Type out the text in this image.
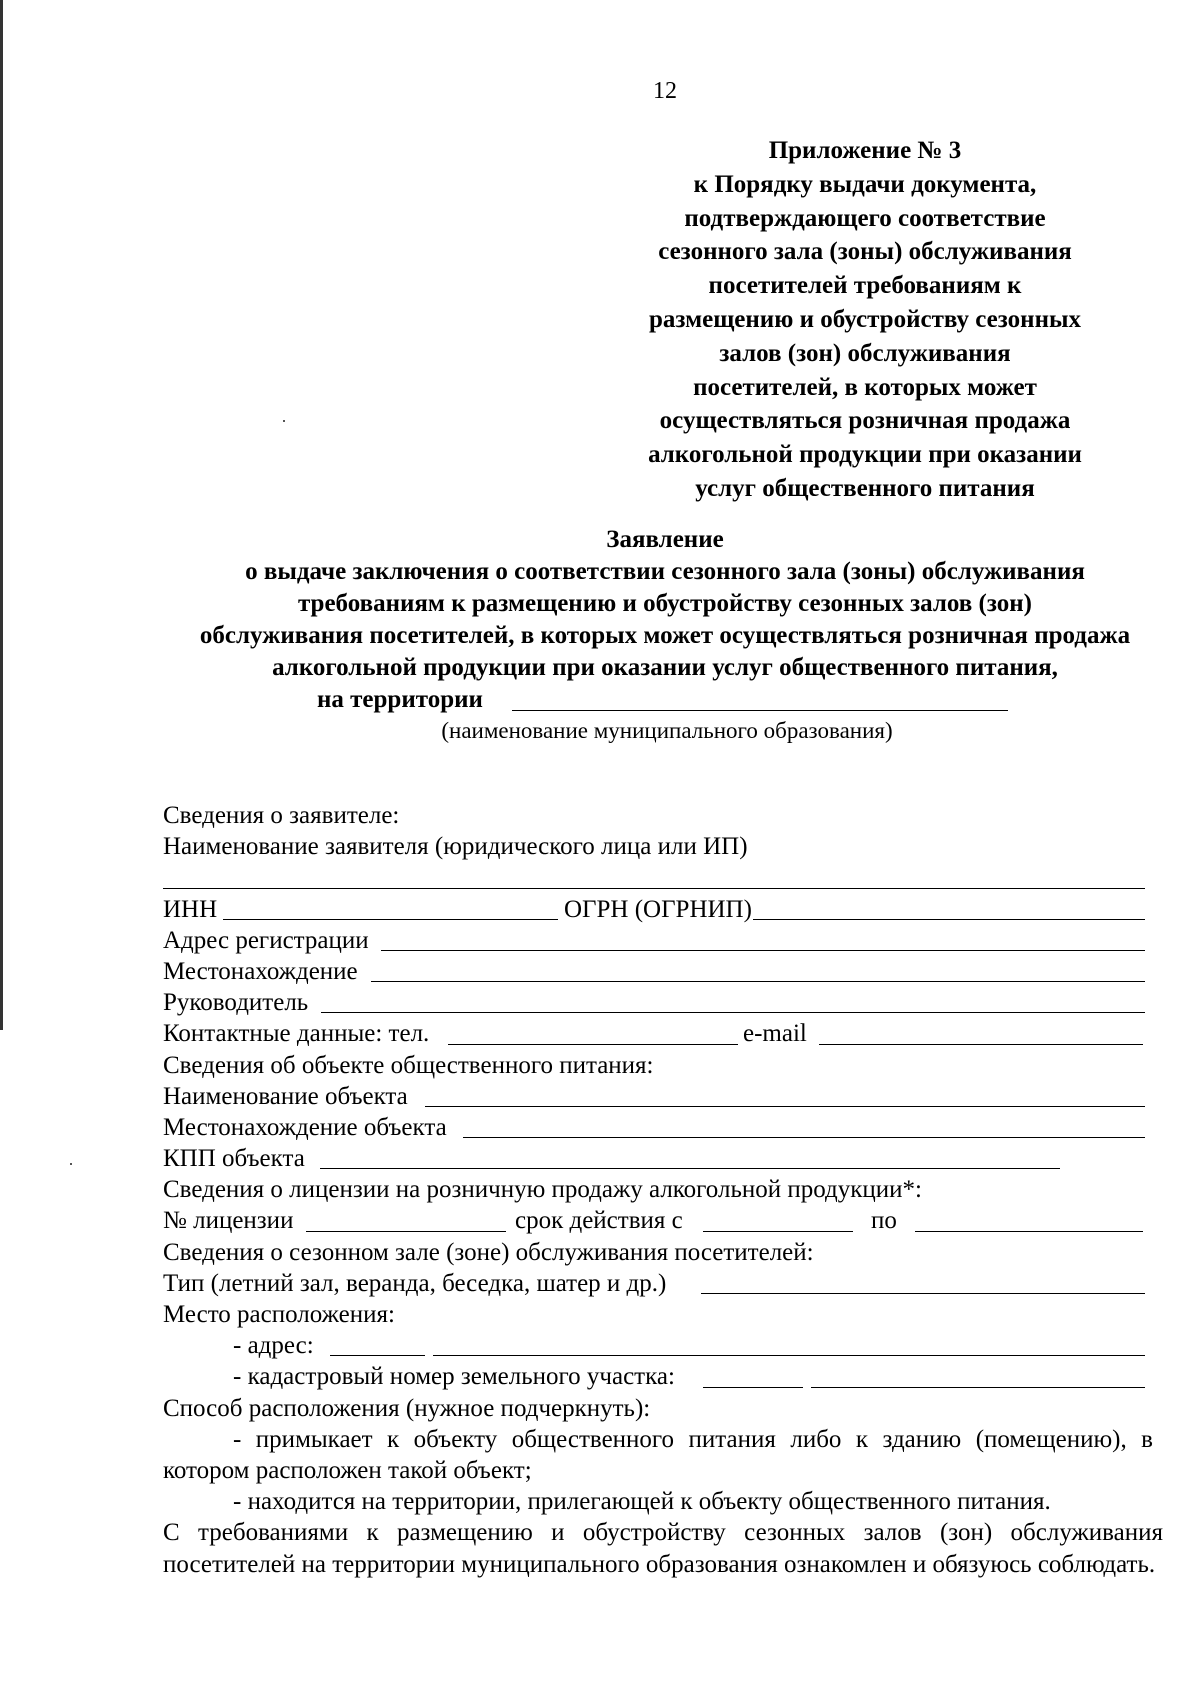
12
Приложение № 3
к Порядку выдачи документа,
подтверждающего соответствие
сезонного зала (зоны) обслуживания
посетителей требованиям к
размещению и обустройству сезонных
залов (зон) обслуживания
посетителей, в которых может
осуществляться розничная продажа
алкогольной продукции при оказании
услуг общественного питания
Заявление
о выдаче заключения о соответствии сезонного зала (зоны) обслуживания
требованиям к размещению и обустройству сезонных залов (зон)
обслуживания посетителей, в которых может осуществляться розничная продажа
алкогольной продукции при оказании услуг общественного питания,
на территории
(наименование муниципального образования)
Сведения о заявителе:
Наименование заявителя (юридического лица или ИП)
ИНН	ОГРН (ОГРНИП)
Адрес регистрации
Местонахождение
Руководитель
Контактные данные: тел.	e-mail
Сведения об объекте общественного питания:
Наименование объекта
Местонахождение объекта
КПП объекта
Сведения о лицензии на розничную продажу алкогольной продукции*:
№ лицензии	срок действия с	по
Сведения о сезонном зале (зоне) обслуживания посетителей:
Тип (летний зал, веранда, беседка, шатер и др.)
Место расположения:
- адрес:
- кадастровый номер земельного участка:
Способ расположения (нужное подчеркнуть):
- примыкает к объекту общественного питания либо к зданию (помещению), в котором расположен такой объект;
- находится на территории, прилегающей к объекту общественного питания.
С требованиями к размещению и обустройству сезонных залов (зон) обслуживания посетителей на территории муниципального образования ознакомлен и обязуюсь соблюдать.
